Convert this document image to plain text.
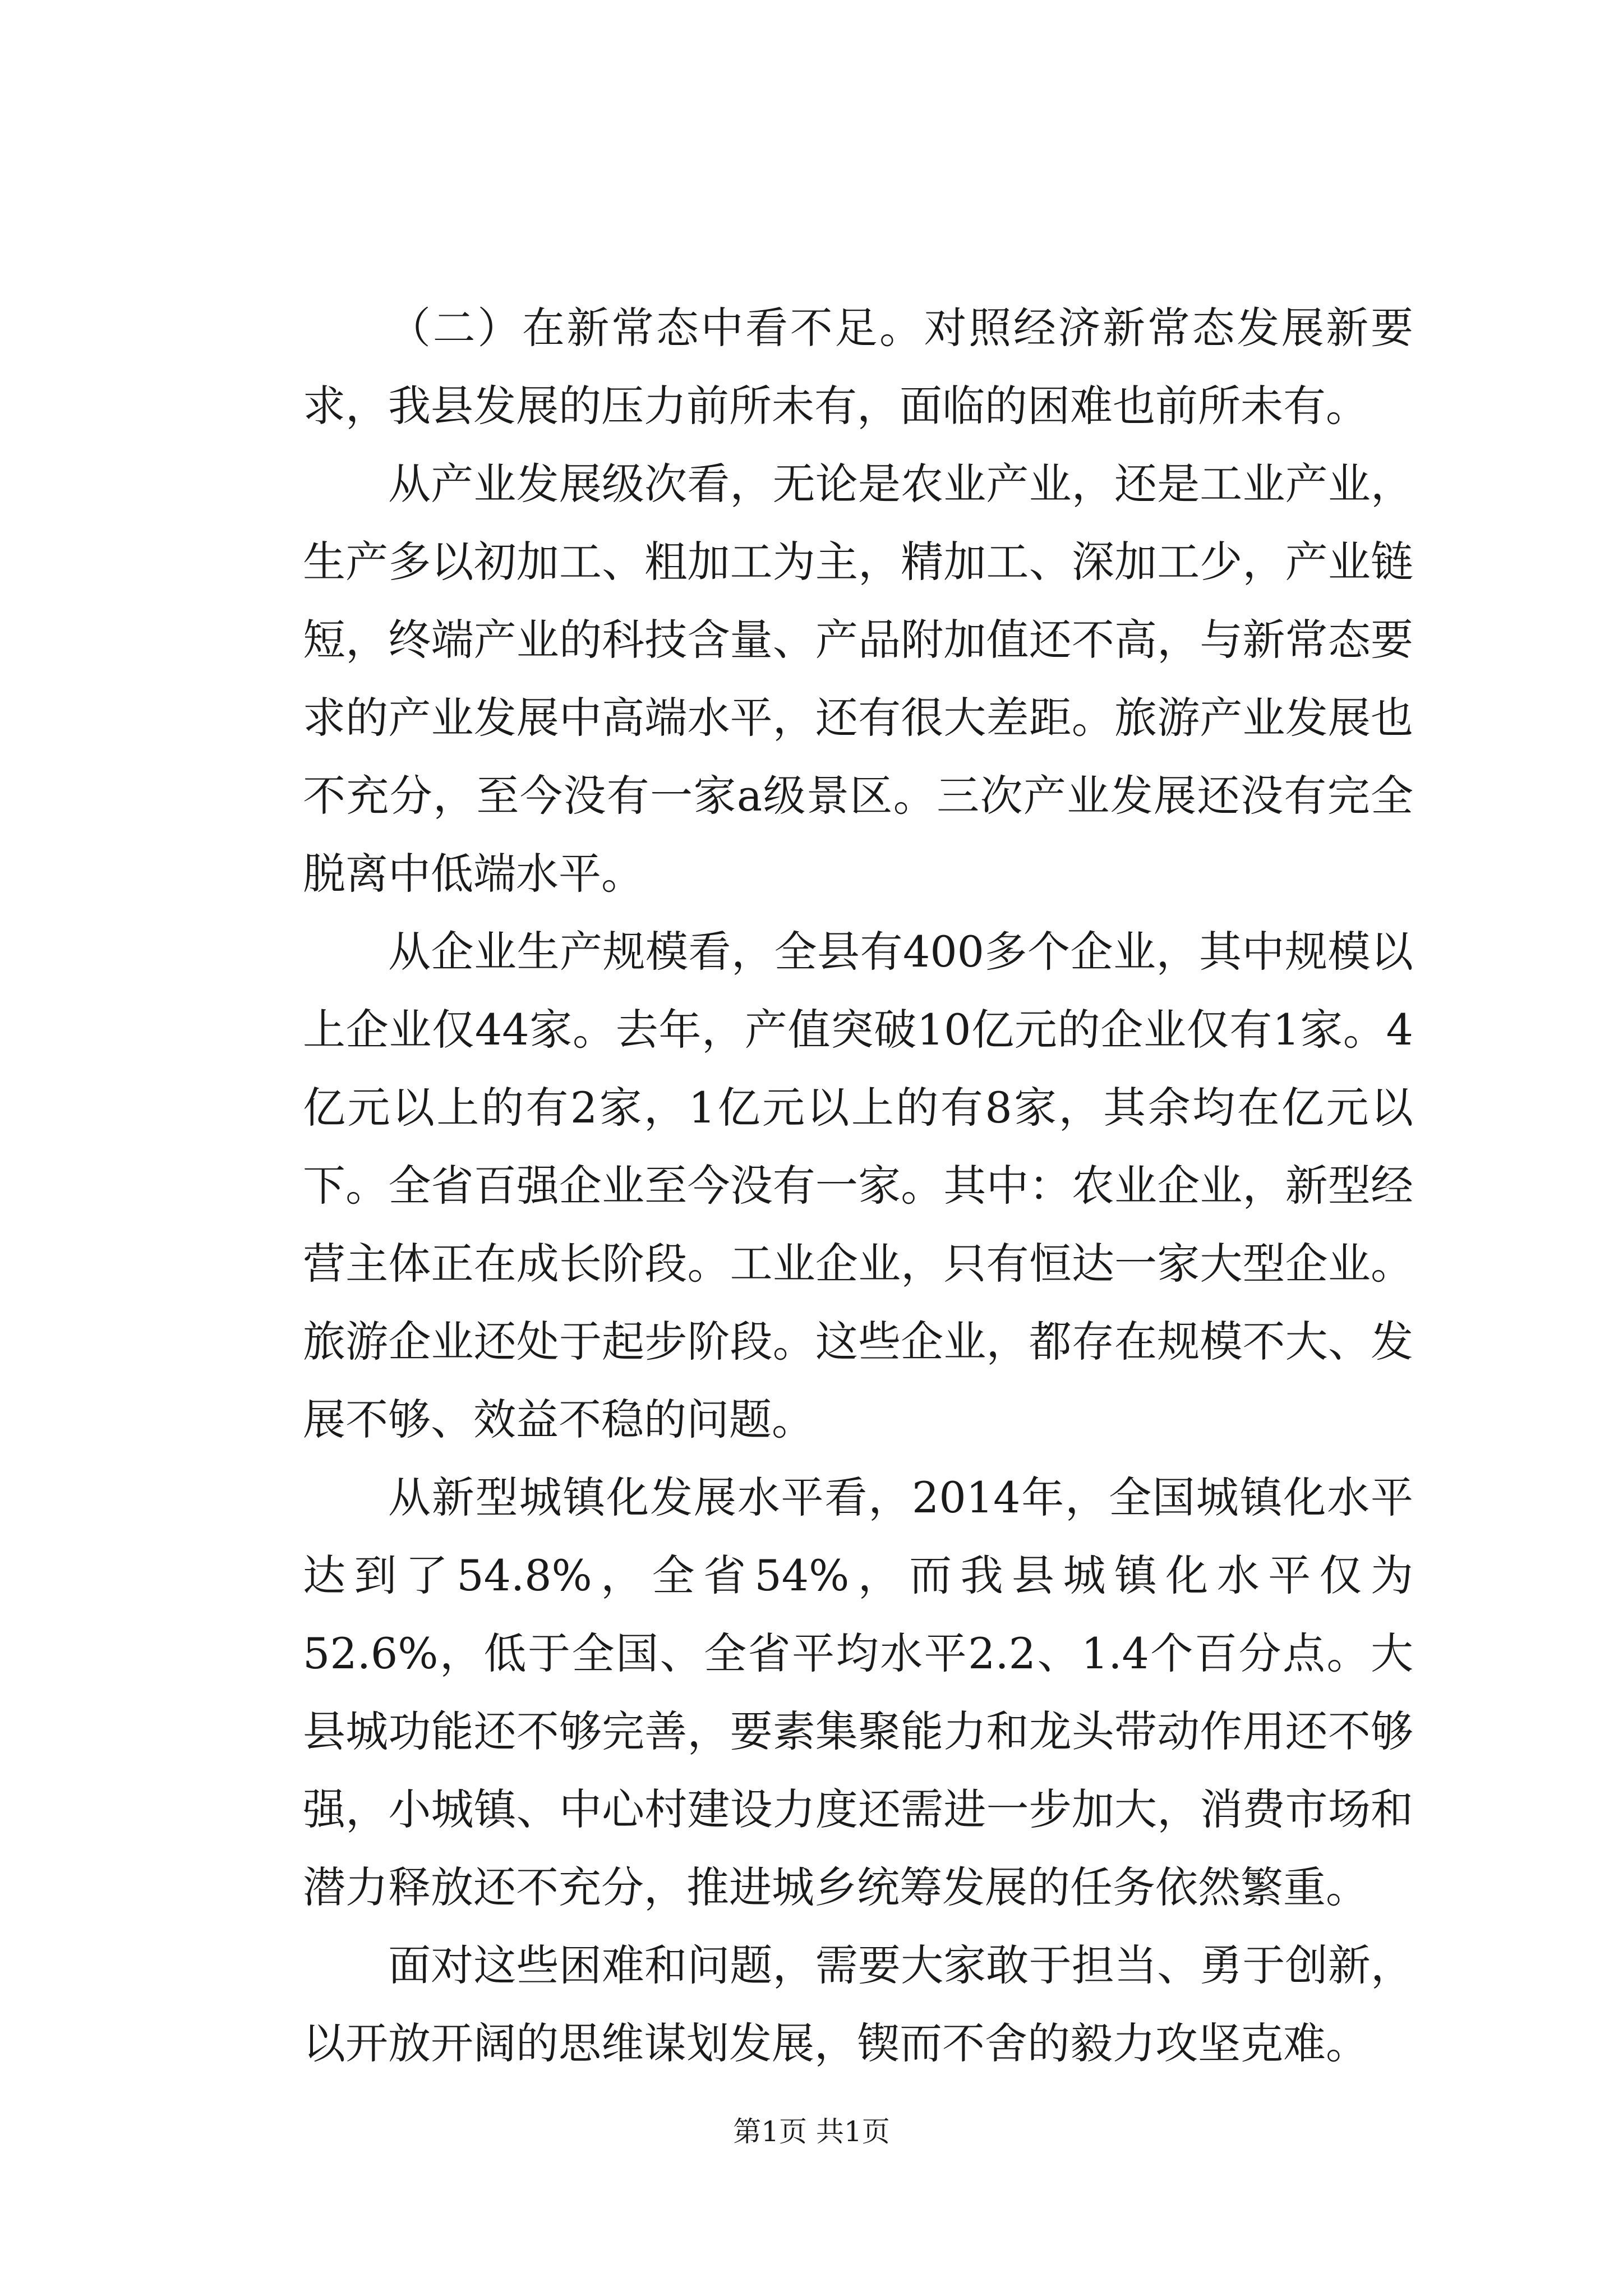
（二）在新常态中看不足。对照经济新常态发展新要求，我县发展的压力前所未有，面临的困难也前所未有。

从产业发展级次看，无论是农业产业，还是工业产业，生产多以初加工、粗加工为主，精加工、深加工少，产业链短，终端产业的科技含量、产品附加值还不高，与新常态要求的产业发展中高端水平，还有很大差距。旅游产业发展也不充分，至今没有一家a级景区。三次产业发展还没有完全脱离中低端水平。

从企业生产规模看，全县有400多个企业，其中规模以上企业仅44家。去年，产值突破10亿元的企业仅有1家。4亿元以上的有2家，1亿元以上的有8家，其余均在亿元以下。全省百强企业至今没有一家。其中：农业企业，新型经营主体正在成长阶段。工业企业，只有恒达一家大型企业。旅游企业还处于起步阶段。这些企业，都存在规模不大、发展不够、效益不稳的问题。

从新型城镇化发展水平看，2014年，全国城镇化水平达到了54.8%，全省54%，而我县城镇化水平仅为52.6%，低于全国、全省平均水平2.2、1.4个百分点。大县城功能还不够完善，要素集聚能力和龙头带动作用还不够强，小城镇、中心村建设力度还需进一步加大，消费市场和潜力释放还不充分，推进城乡统筹发展的任务依然繁重。

面对这些困难和问题，需要大家敢于担当、勇于创新，以开放开阔的思维谋划发展，锲而不舍的毅力攻坚克难。

第1页 共1页
